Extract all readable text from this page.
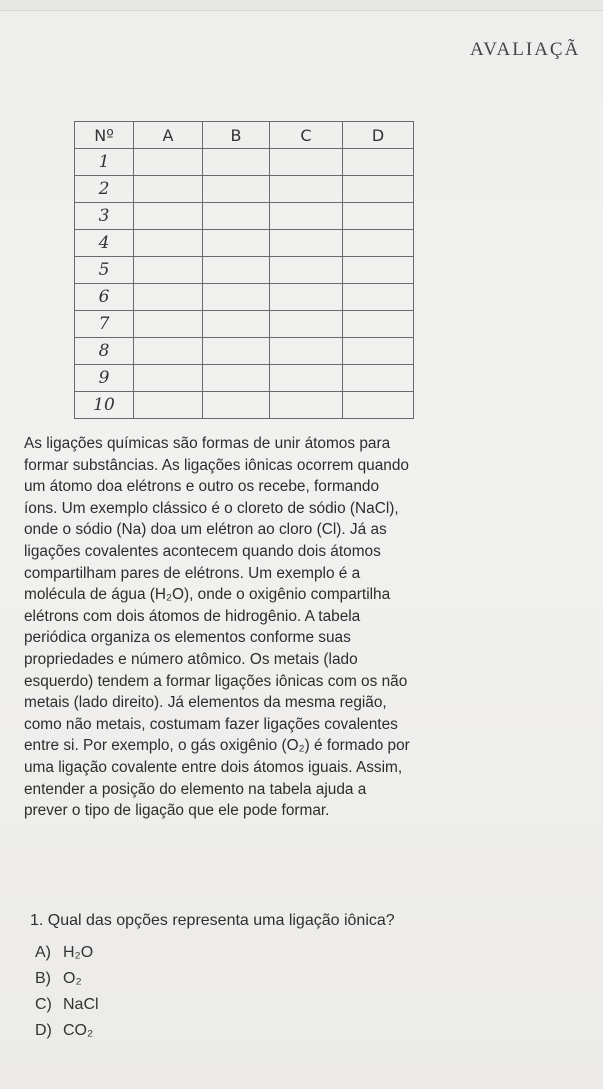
AVALIAÇÃ
Nº	A	B	C	D
1				
2				
3				
4				
5				
6				
7				
8				
9				
10				
As ligações químicas são formas de unir átomos para
formar substâncias. As ligações iônicas ocorrem quando
um átomo doa elétrons e outro os recebe, formando
íons. Um exemplo clássico é o cloreto de sódio (NaCl),
onde o sódio (Na) doa um elétron ao cloro (Cl). Já as
ligações covalentes acontecem quando dois átomos
compartilham pares de elétrons. Um exemplo é a
molécula de água (H₂O), onde o oxigênio compartilha
elétrons com dois átomos de hidrogênio. A tabela
periódica organiza os elementos conforme suas
propriedades e número atômico. Os metais (lado
esquerdo) tendem a formar ligações iônicas com os não
metais (lado direito). Já elementos da mesma região,
como não metais, costumam fazer ligações covalentes
entre si. Por exemplo, o gás oxigênio (O₂) é formado por
uma ligação covalente entre dois átomos iguais. Assim,
entender a posição do elemento na tabela ajuda a
prever o tipo de ligação que ele pode formar.
1. Qual das opções representa uma ligação iônica?
A) H₂O
B) O₂
C) NaCl
D) CO₂
